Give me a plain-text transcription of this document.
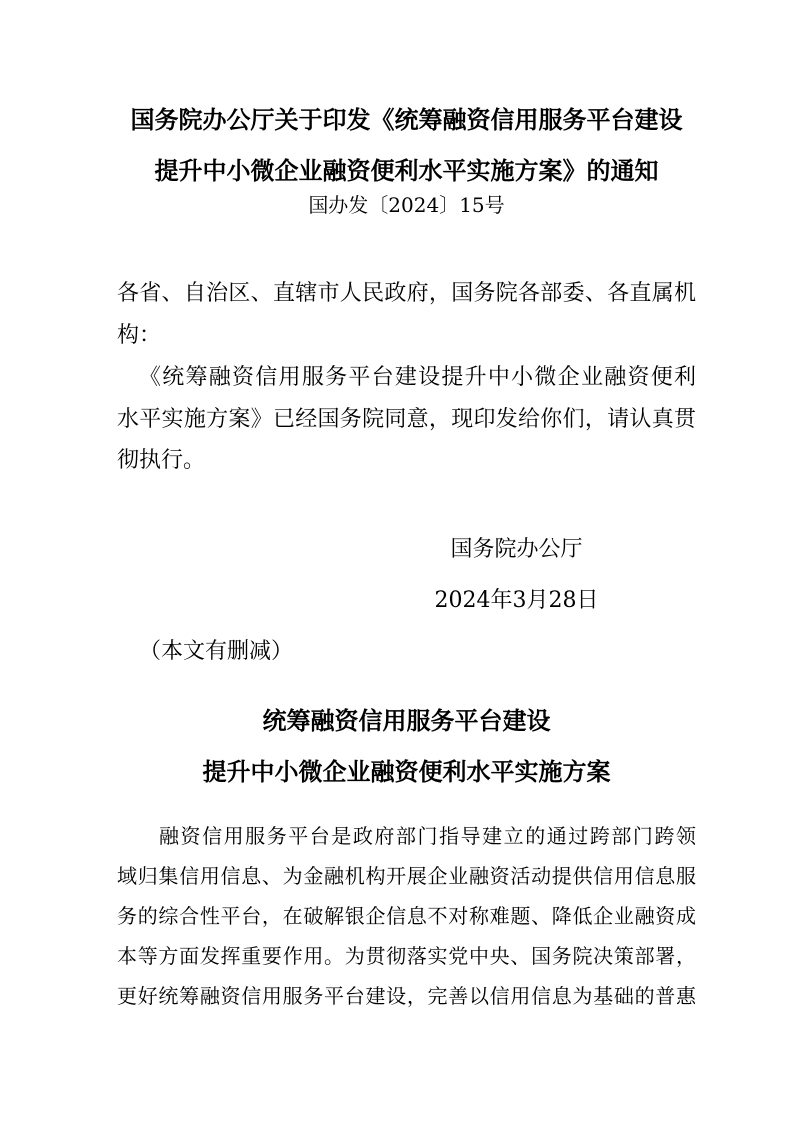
国务院办公厅关于印发《统筹融资信用服务平台建设
提升中小微企业融资便利水平实施方案》的通知
国办发〔2024〕15号
各省、自治区、直辖市人民政府，国务院各部委、各直属机
构：
《统筹融资信用服务平台建设提升中小微企业融资便利
水平实施方案》已经国务院同意，现印发给你们，请认真贯
彻执行。
国务院办公厅
2024年3月28日
（本文有删减）
统筹融资信用服务平台建设
提升中小微企业融资便利水平实施方案
融资信用服务平台是政府部门指导建立的通过跨部门跨领
域归集信用信息、为金融机构开展企业融资活动提供信用信息服
务的综合性平台，在破解银企信息不对称难题、降低企业融资成
本等方面发挥重要作用。为贯彻落实党中央、国务院决策部署，
更好统筹融资信用服务平台建设，完善以信用信息为基础的普惠
